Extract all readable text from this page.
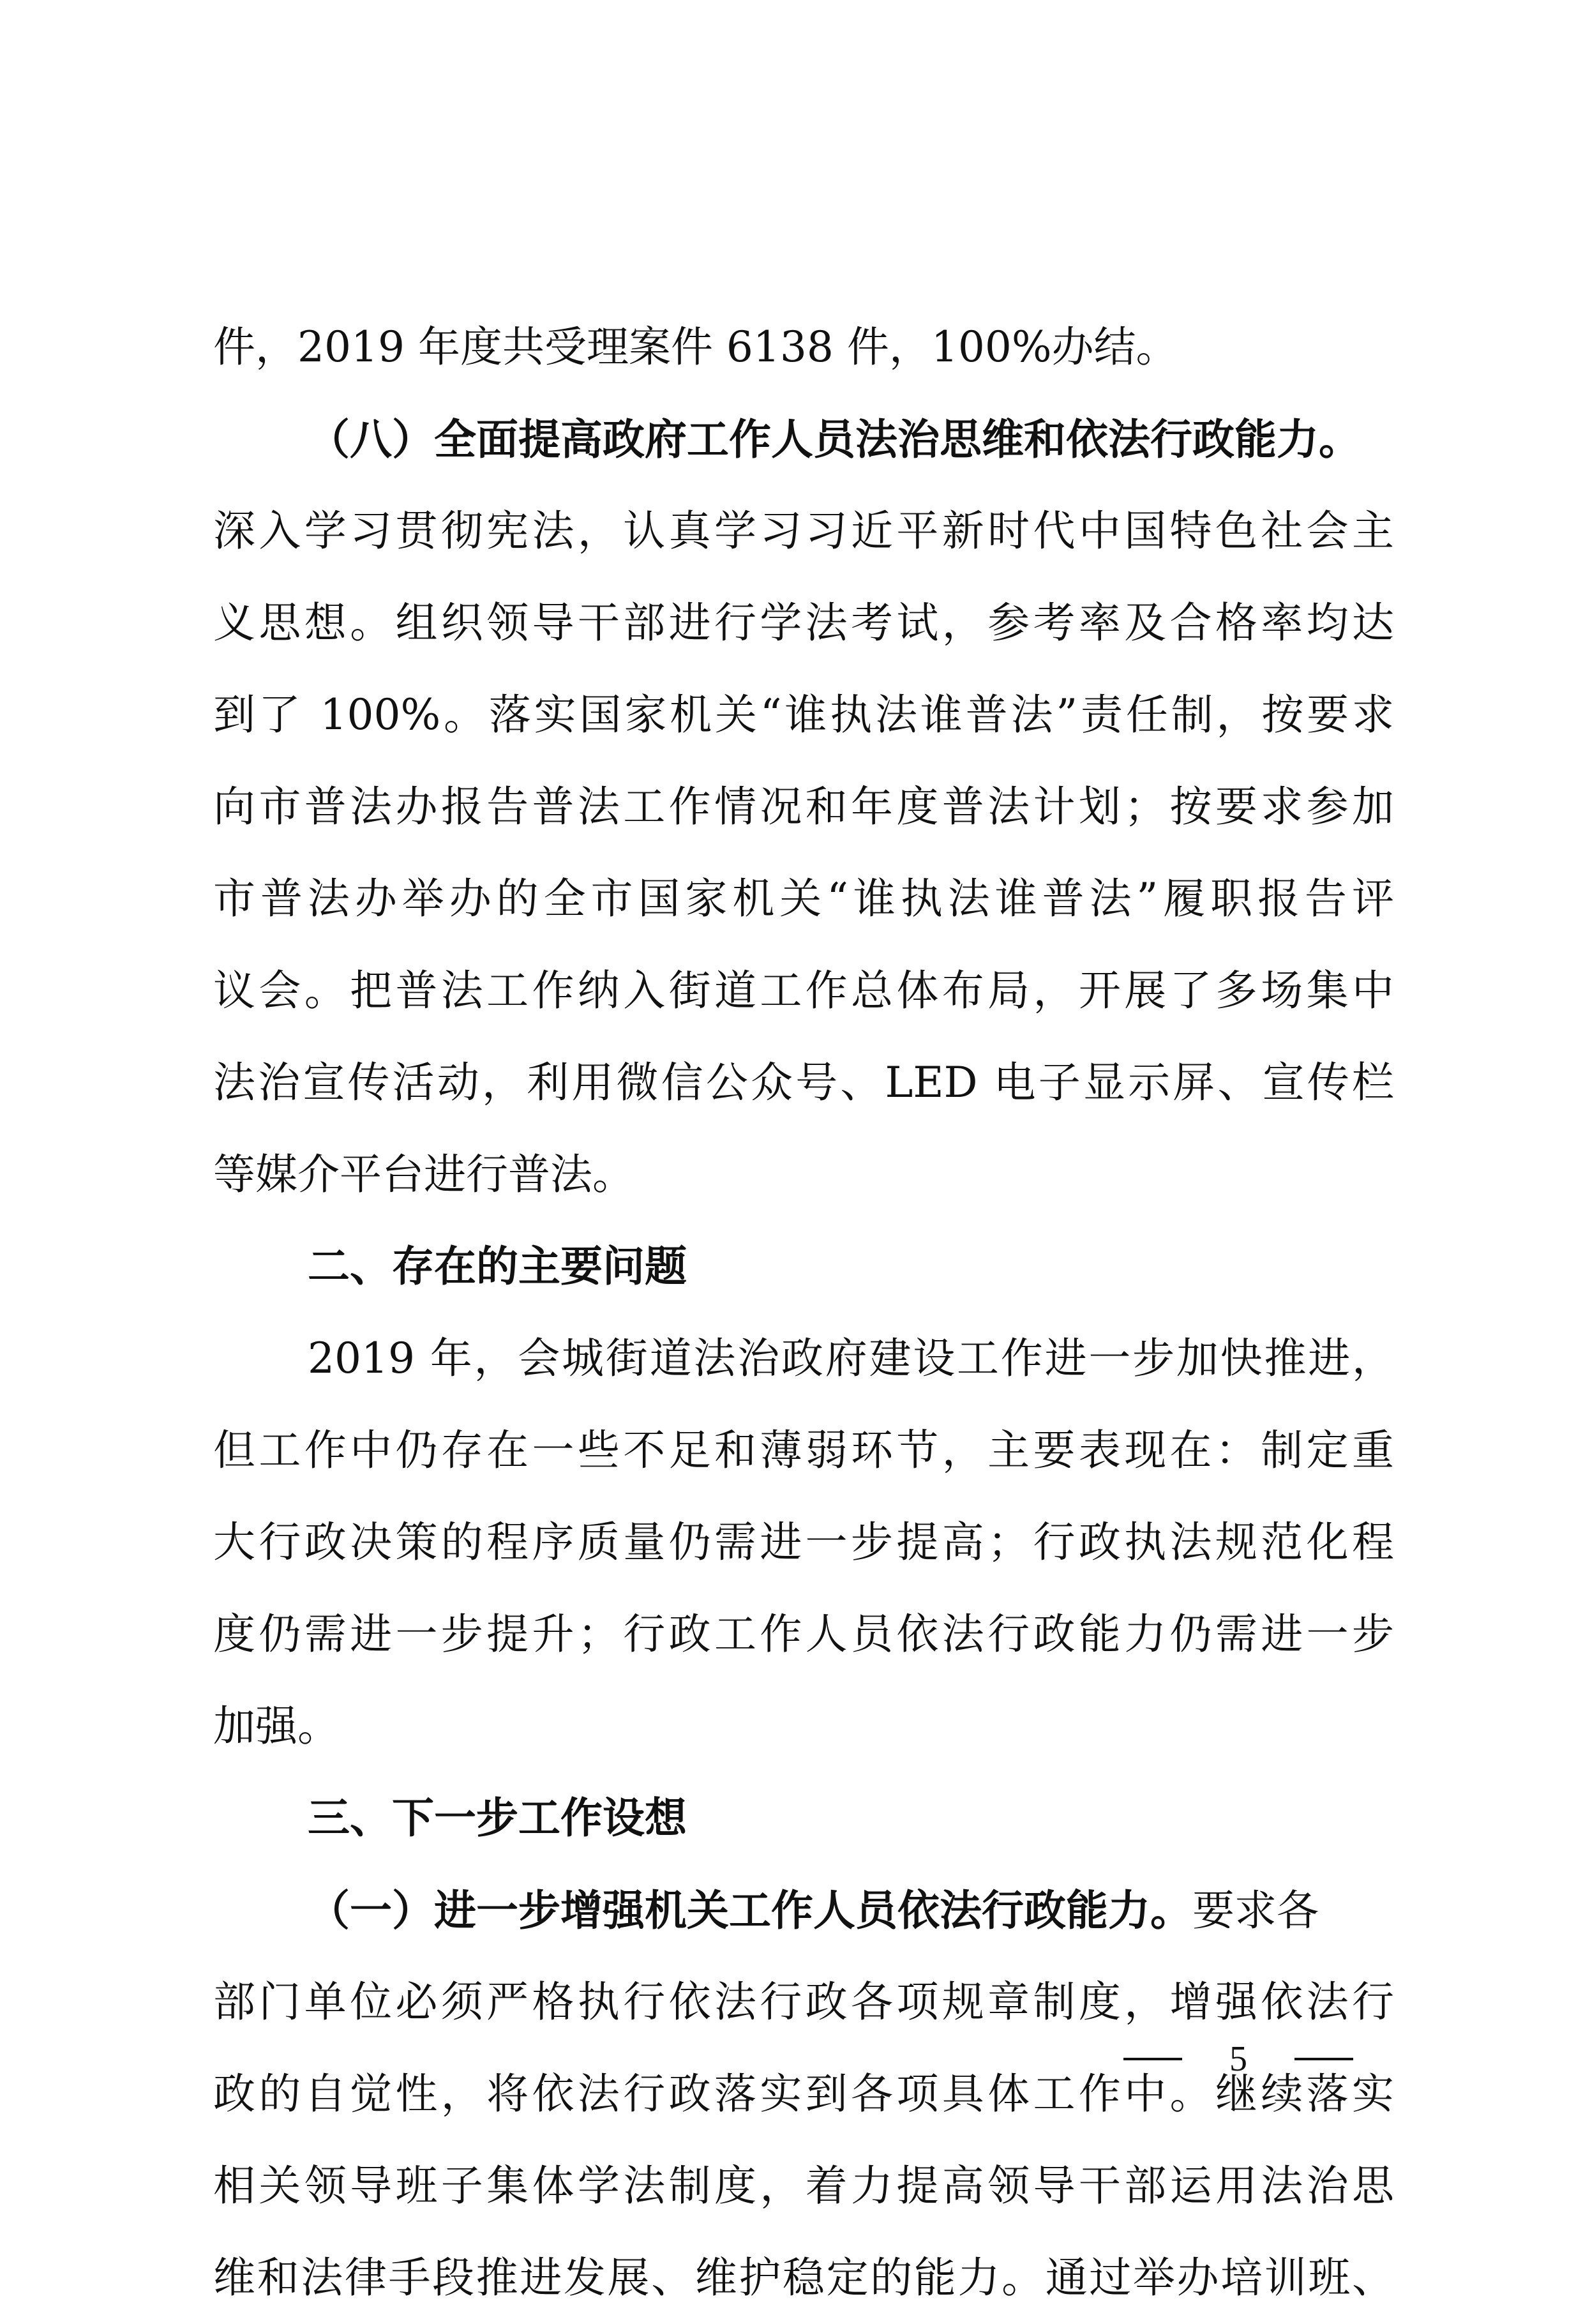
件，2019 年度共受理案件 6138 件，100%办结。
（八）全面提高政府工作人员法治思维和依法行政能力。
深入学习贯彻宪法，认真学习习近平新时代中国特色社会主
义思想。组织领导干部进行学法考试，参考率及合格率均达
到了 100%。落实国家机关“谁执法谁普法”责任制，按要求
向市普法办报告普法工作情况和年度普法计划；按要求参加
市普法办举办的全市国家机关“谁执法谁普法”履职报告评
议会。把普法工作纳入街道工作总体布局，开展了多场集中
法治宣传活动，利用微信公众号、LED 电子显示屏、宣传栏
等媒介平台进行普法。
二、存在的主要问题
2019 年，会城街道法治政府建设工作进一步加快推进，
但工作中仍存在一些不足和薄弱环节，主要表现在：制定重
大行政决策的程序质量仍需进一步提高；行政执法规范化程
度仍需进一步提升；行政工作人员依法行政能力仍需进一步
加强。
三、下一步工作设想
（一）进一步增强机关工作人员依法行政能力。要求各
部门单位必须严格执行依法行政各项规章制度，增强依法行
政的自觉性，将依法行政落实到各项具体工作中。继续落实
相关领导班子集体学法制度，着力提高领导干部运用法治思
维和法律手段推进发展、维护稳定的能力。通过举办培训班、
5
